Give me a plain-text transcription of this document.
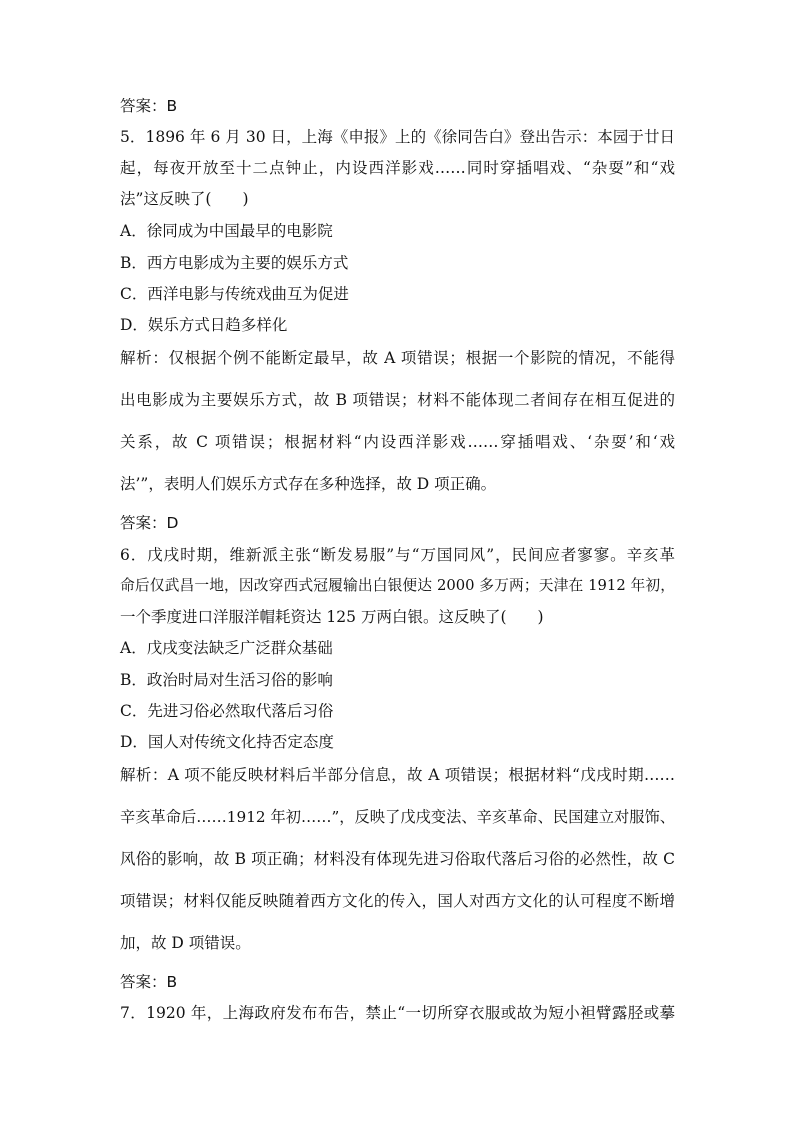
答案：B
5．1896 年 6 月 30 日，上海《申报》上的《徐同告白》登出告示：本园于廿日
起，每夜开放至十二点钟止，内设西洋影戏……同时穿插唱戏、“杂耍”和“戏
法”这反映了(　　)
A．徐同成为中国最早的电影院
B．西方电影成为主要的娱乐方式
C．西洋电影与传统戏曲互为促进
D．娱乐方式日趋多样化
解析：仅根据个例不能断定最早，故 A 项错误；根据一个影院的情况，不能得
出电影成为主要娱乐方式，故 B 项错误；材料不能体现二者间存在相互促进的
关系，故 C 项错误；根据材料“内设西洋影戏……穿插唱戏、‘杂耍’和‘戏
法’”，表明人们娱乐方式存在多种选择，故 D 项正确。
答案：D
6．戊戌时期，维新派主张“断发易服”与“万国同风”，民间应者寥寥。辛亥革
命后仅武昌一地，因改穿西式冠履输出白银便达 2000 多万两；天津在 1912 年初，
一个季度进口洋服洋帽耗资达 125 万两白银。这反映了(　　)
A．戊戌变法缺乏广泛群众基础
B．政治时局对生活习俗的影响
C．先进习俗必然取代落后习俗
D．国人对传统文化持否定态度
解析：A 项不能反映材料后半部分信息，故 A 项错误；根据材料“戊戌时期……
辛亥革命后……1912 年初……”，反映了戊戌变法、辛亥革命、民国建立对服饰、
风俗的影响，故 B 项正确；材料没有体现先进习俗取代落后习俗的必然性，故 C
项错误；材料仅能反映随着西方文化的传入，国人对西方文化的认可程度不断增
加，故 D 项错误。
答案：B
7．1920 年，上海政府发布布告，禁止“一切所穿衣服或故为短小袒臂露胫或摹
